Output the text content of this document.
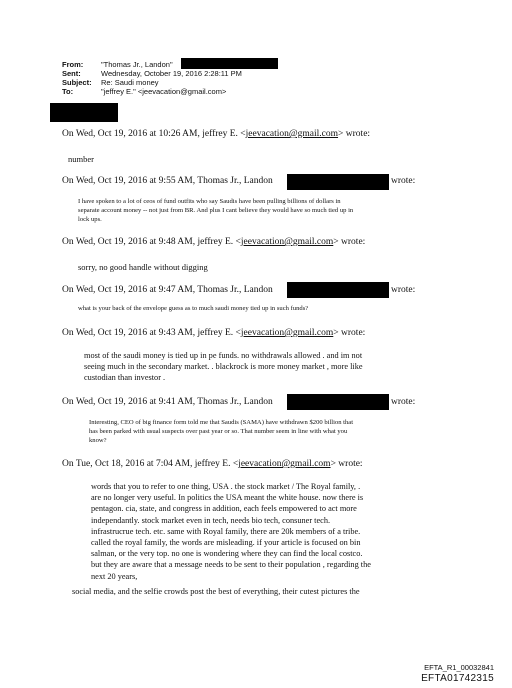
From: "Thomas Jr., Landon"
Sent:	Wednesday, October 19, 2016 2:28:11 PM
Subject: Re: Saudi money
To:	"jeffrey E." <jeevacation@gmail.com>
On Wed, Oct 19, 2016 at 10:26 AM, jeffrey E. <jeevacation@gmail.com> wrote:
number
On Wed, Oct 19, 2016 at 9:55 AM, Thomas Jr., Landon	wrote:
I have spoken to a lot of ceos of fund outfits who say Saudis have been pulling billions of dollars in
separate account money -- not just from BR. And plus I cant believe they would have so much tied up in
lock ups.
On Wed, Oct 19, 2016 at 9:48 AM, jeffrey E. <jeevacation@gmail.com> wrote:
sorry, no good handle without digging
On Wed, Oct 19, 2016 at 9:47 AM, Thomas Jr., Landon	wrote:
what is your back of the envelope guess as to much saudi money tied up in such funds?
On Wed, Oct 19, 2016 at 9:43 AM, jeffrey E. <jeevacation@gmail.com> wrote:
most of the saudi money is tied up in pe funds. no withdrawals allowed . and im not
seeing much in the secondary market. . blackrock is more money market , more like
custodian than investor .
On Wed, Oct 19, 2016 at 9:41 AM, Thomas Jr., Landon	wrote:
Interesting, CEO of big finance form told me that Saudis (SAMA) have withdrawn $200 billion that
has been parked with usual suspects over past year or so. That number seem in line with what you
know?
On Tue, Oct 18, 2016 at 7:04 AM, jeffrey E. <jeevacation@gmail.com> wrote:
words that you to refer to one thing, USA . the stock market / The Royal family, .
are no longer very useful. In politics the USA meant the white house. now there is
pentagon. cia, state, and congress in addition, each feels empowered to act more
independantly. stock market even in tech, needs bio tech, consuner tech.
infrastrucrue tech. etc. same with Royal family, there are 20k members of a tribe.
called the royal family, the words are misleading. if your article is focused on bin
salman, or the very top. no one is wondering where they can find the local costco.
but they are aware that a message needs to be sent to their population , regarding the
next 20 years,
social media, and the selfie crowds post the best of everything, their cutest pictures the
EFTA_R1_00032841
EFTA01742315
